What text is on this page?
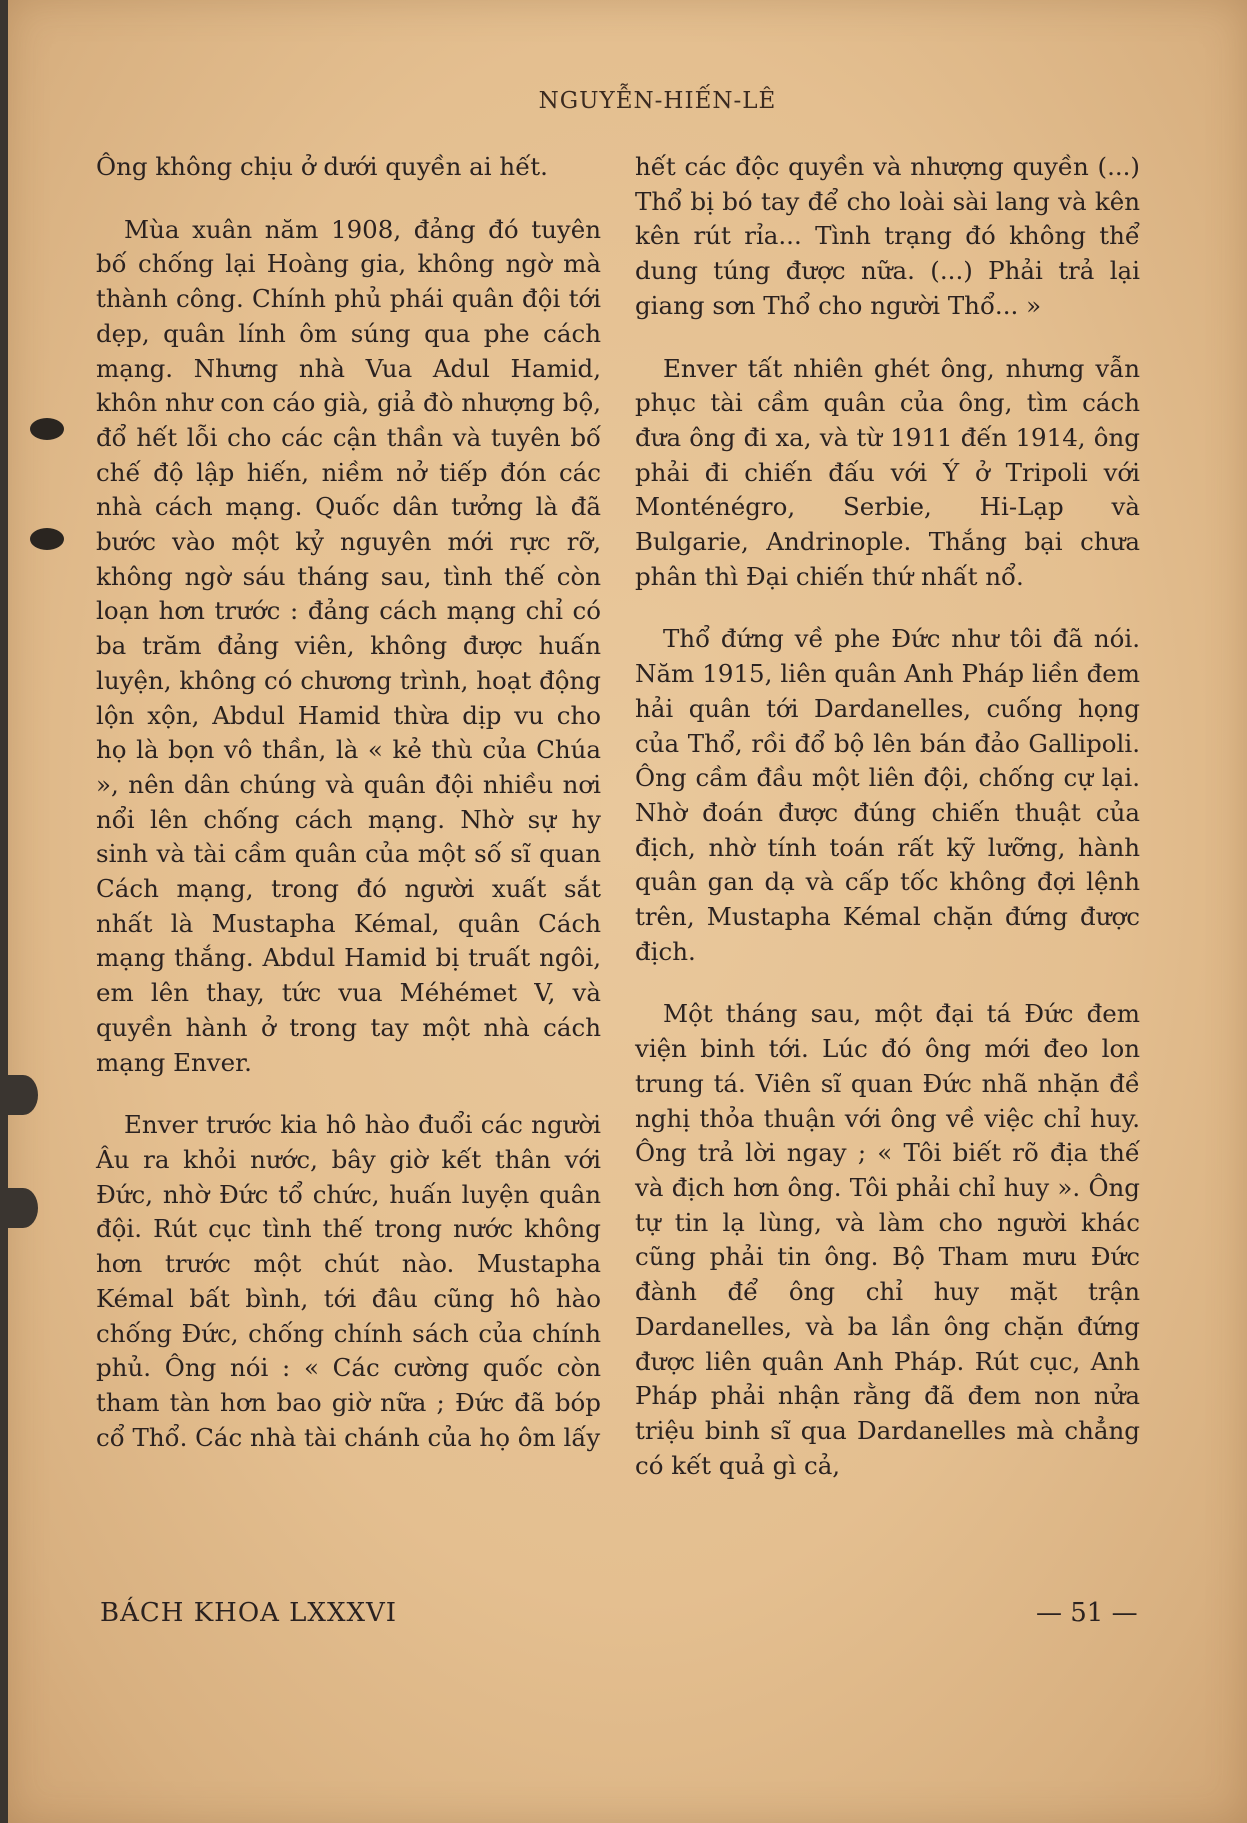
NGUYỄN-HIẾN-LÊ

Ông không chịu ở dưới quyền ai hết.

Mùa xuân năm 1908, đảng đó tuyên bố chống lại Hoàng gia, không ngờ mà thành công. Chính phủ phái quân đội tới dẹp, quân lính ôm súng qua phe cách mạng. Nhưng nhà Vua Adul Hamid, khôn như con cáo già, giả đò nhượng bộ, đổ hết lỗi cho các cận thần và tuyên bố chế độ lập hiến, niềm nở tiếp đón các nhà cách mạng. Quốc dân tưởng là đã bước vào một kỷ nguyên mới rực rỡ, không ngờ sáu tháng sau, tình thế còn loạn hơn trước : đảng cách mạng chỉ có ba trăm đảng viên, không được huấn luyện, không có chương trình, hoạt động lộn xộn, Abdul Hamid thừa dịp vu cho họ là bọn vô thần, là « kẻ thù của Chúa », nên dân chúng và quân đội nhiều nơi nổi lên chống cách mạng. Nhờ sự hy sinh và tài cầm quân của một số sĩ quan Cách mạng, trong đó người xuất sắt nhất là Mustapha Kémal, quân Cách mạng thắng. Abdul Hamid bị truất ngôi, em lên thay, tức vua Méhémet V, và quyền hành ở trong tay một nhà cách mạng Enver.

Enver trước kia hô hào đuổi các người Âu ra khỏi nước, bây giờ kết thân với Đức, nhờ Đức tổ chức, huấn luyện quân đội. Rút cục tình thế trong nước không hơn trước một chút nào. Mustapha Kémal bất bình, tới đâu cũng hô hào chống Đức, chống chính sách của chính phủ. Ông nói : « Các cường quốc còn tham tàn hơn bao giờ nữa ; Đức đã bóp cổ Thổ. Các nhà tài chánh của họ ôm lấy

hết các độc quyền và nhượng quyền (...) Thổ bị bó tay để cho loài sài lang và kên kên rút rỉa... Tình trạng đó không thể dung túng được nữa. (...) Phải trả lại giang sơn Thổ cho người Thổ... »

Enver tất nhiên ghét ông, nhưng vẫn phục tài cầm quân của ông, tìm cách đưa ông đi xa, và từ 1911 đến 1914, ông phải đi chiến đấu với Ý ở Tripoli với Monténégro, Serbie, Hi-Lạp và Bulgarie, Andrinople. Thắng bại chưa phân thì Đại chiến thứ nhất nổ.

Thổ đứng về phe Đức như tôi đã nói. Năm 1915, liên quân Anh Pháp liền đem hải quân tới Dardanelles, cuống họng của Thổ, rồi đổ bộ lên bán đảo Gallipoli. Ông cầm đầu một liên đội, chống cự lại. Nhờ đoán được đúng chiến thuật của địch, nhờ tính toán rất kỹ lưỡng, hành quân gan dạ và cấp tốc không đợi lệnh trên, Mustapha Kémal chặn đứng được địch.

Một tháng sau, một đại tá Đức đem viện binh tới. Lúc đó ông mới đeo lon trung tá. Viên sĩ quan Đức nhã nhặn đề nghị thỏa thuận với ông về việc chỉ huy. Ông trả lời ngay ; « Tôi biết rõ địa thế và địch hơn ông. Tôi phải chỉ huy ». Ông tự tin lạ lùng, và làm cho người khác cũng phải tin ông. Bộ Tham mưu Đức đành để ông chỉ huy mặt trận Dardanelles, và ba lần ông chặn đứng được liên quân Anh Pháp. Rút cục, Anh Pháp phải nhận rằng đã đem non nửa triệu binh sĩ qua Dardanelles mà chẳng có kết quả gì cả,

BÁCH KHOA LXXXVI	— 51 —
